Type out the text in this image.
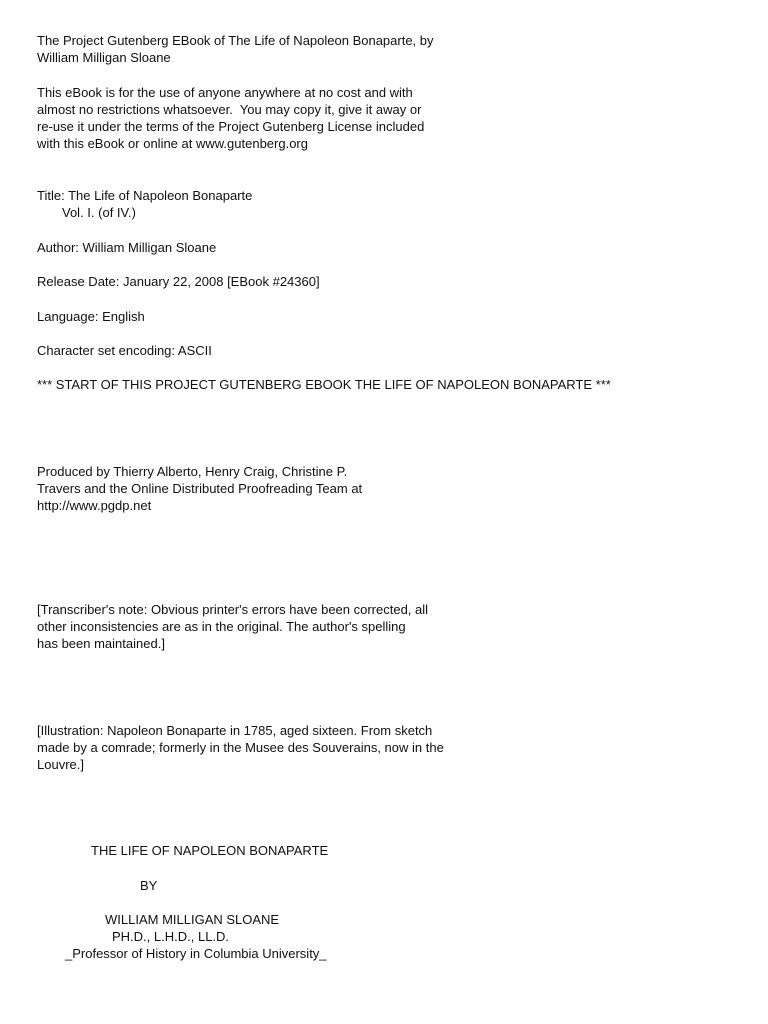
The Project Gutenberg EBook of The Life of Napoleon Bonaparte, by
William Milligan Sloane
This eBook is for the use of anyone anywhere at no cost and with
almost no restrictions whatsoever.  You may copy it, give it away or
re-use it under the terms of the Project Gutenberg License included
with this eBook or online at www.gutenberg.org
Title: The Life of Napoleon Bonaparte
Vol. I. (of IV.)
Author: William Milligan Sloane
Release Date: January 22, 2008 [EBook #24360]
Language: English
Character set encoding: ASCII
*** START OF THIS PROJECT GUTENBERG EBOOK THE LIFE OF NAPOLEON BONAPARTE ***
Produced by Thierry Alberto, Henry Craig, Christine P.
Travers and the Online Distributed Proofreading Team at
http://www.pgdp.net
[Transcriber's note: Obvious printer's errors have been corrected, all
other inconsistencies are as in the original. The author's spelling
has been maintained.]
[Illustration: Napoleon Bonaparte in 1785, aged sixteen. From sketch
made by a comrade; formerly in the Musee des Souverains, now in the
Louvre.]
THE LIFE OF NAPOLEON BONAPARTE
BY
WILLIAM MILLIGAN SLOANE
PH.D., L.H.D., LL.D.
_Professor of History in Columbia University_
